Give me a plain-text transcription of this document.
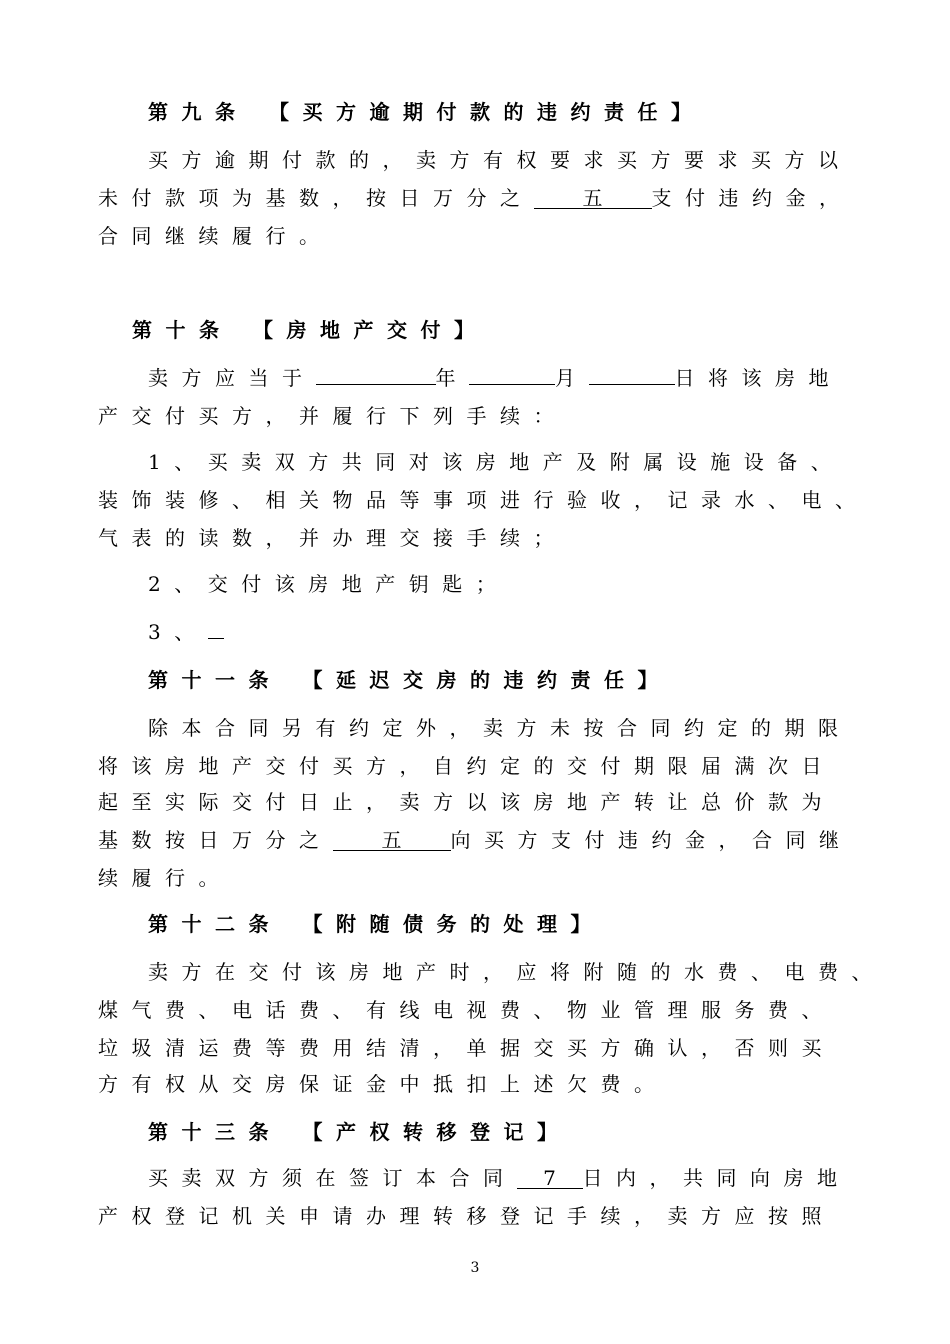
第九条 【买方逾期付款的违约责任】
买方逾期付款的，卖方有权要求买方要求买方以
未付款项为基数，按日万分之 五 支付违约金，
合同继续履行。
第十条 【房地产交付】
卖方应当于	年	月	日将该房地
产交付买方，并履行下列手续：
1、买卖双方共同对该房地产及附属设施设备、
装饰装修、相关物品等事项进行验收，记录水、电、
气表的读数，并办理交接手续；
2、交付该房地产钥匙；
3、
第十一条 【延迟交房的违约责任】
除本合同另有约定外，卖方未按合同约定的期限
将该房地产交付买方，自约定的交付期限届满次日
起至实际交付日止，卖方以该房地产转让总价款为
基数按日万分之 五 向买方支付违约金，合同继
续履行。
第十二条 【附随债务的处理】
卖方在交付该房地产时，应将附随的水费、电费、
煤气费、电话费、有线电视费、物业管理服务费、
垃圾清运费等费用结清，单据交买方确认，否则买
方有权从交房保证金中抵扣上述欠费。
第十三条 【产权转移登记】
买卖双方须在签订本合同 7 日内，共同向房地
产权登记机关申请办理转移登记手续，卖方应按照
3
